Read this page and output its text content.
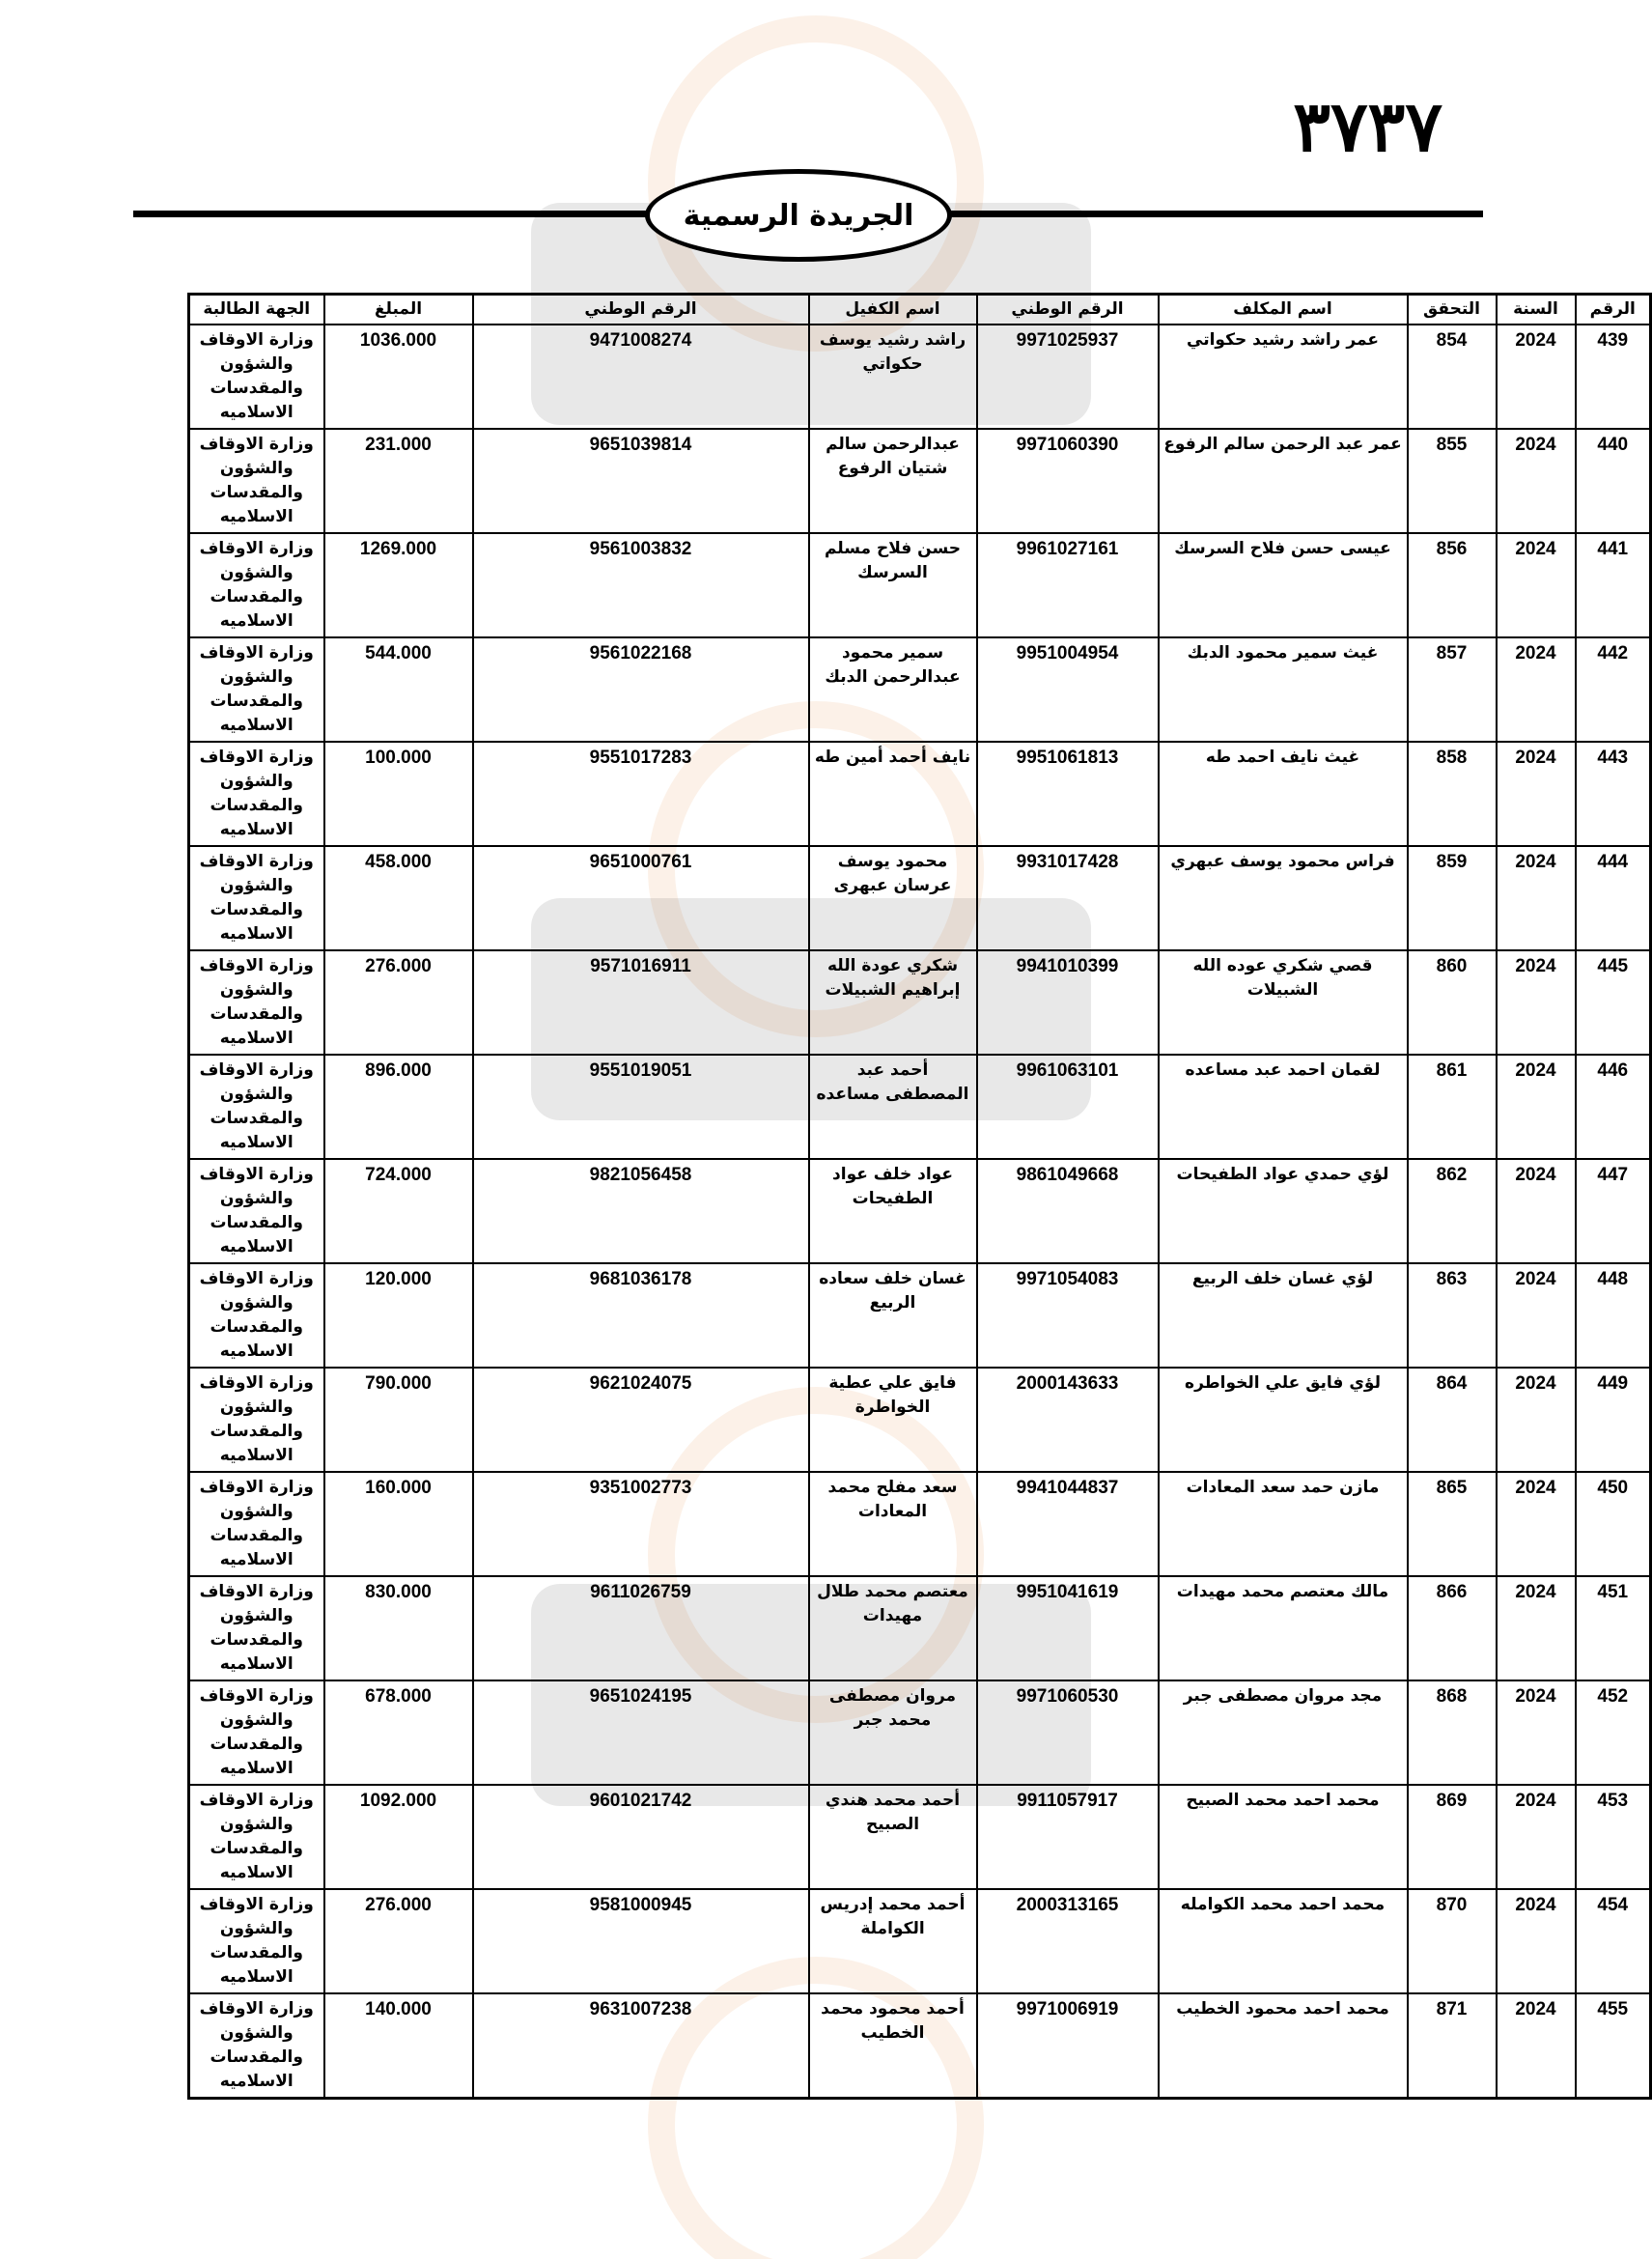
٣٧٣٧
الجريدة الرسمية
الرقم	السنة	التحقق	اسم المكلف	الرقم الوطني	اسم الكفيل	الرقم الوطني	المبلغ	الجهة الطالبة
439	2024	854	عمر راشد رشيد حكواتي	9971025937	راشد رشيد يوسف حكواتي	9471008274	1036.000	وزارة الاوقاف والشؤون والمقدسات الاسلاميه
440	2024	855	عمر عبد الرحمن سالم الرفوع	9971060390	عبدالرحمن سالم شتيان الرفوع	9651039814	231.000	وزارة الاوقاف والشؤون والمقدسات الاسلاميه
441	2024	856	عيسى حسن فلاح السرسك	9961027161	حسن فلاح مسلم السرسك	9561003832	1269.000	وزارة الاوقاف والشؤون والمقدسات الاسلاميه
442	2024	857	غيث سمير محمود الدبك	9951004954	سمير محمود عبدالرحمن الدبك	9561022168	544.000	وزارة الاوقاف والشؤون والمقدسات الاسلاميه
443	2024	858	غيث نايف احمد طه	9951061813	نايف أحمد أمين طه	9551017283	100.000	وزارة الاوقاف والشؤون والمقدسات الاسلاميه
444	2024	859	فراس محمود يوسف عبهري	9931017428	محمود يوسف عرسان عبهرى	9651000761	458.000	وزارة الاوقاف والشؤون والمقدسات الاسلاميه
445	2024	860	قصي شكري عوده الله الشبيلات	9941010399	شكري عودة الله إبراهيم الشبيلات	9571016911	276.000	وزارة الاوقاف والشؤون والمقدسات الاسلاميه
446	2024	861	لقمان احمد عبد مساعده	9961063101	أحمد عبد المصطفى مساعده	9551019051	896.000	وزارة الاوقاف والشؤون والمقدسات الاسلاميه
447	2024	862	لؤي حمدي عواد الطفيحات	9861049668	عواد خلف عواد الطفيحات	9821056458	724.000	وزارة الاوقاف والشؤون والمقدسات الاسلاميه
448	2024	863	لؤي غسان خلف الربيع	9971054083	غسان خلف سعاده الربيع	9681036178	120.000	وزارة الاوقاف والشؤون والمقدسات الاسلاميه
449	2024	864	لؤي فايق علي الخواطره	2000143633	فايق علي عطية الخواطرة	9621024075	790.000	وزارة الاوقاف والشؤون والمقدسات الاسلاميه
450	2024	865	مازن حمد سعد المعادات	9941044837	سعد مفلح محمد المعادات	9351002773	160.000	وزارة الاوقاف والشؤون والمقدسات الاسلاميه
451	2024	866	مالك معتصم محمد مهيدات	9951041619	معتصم محمد طلال مهيدات	9611026759	830.000	وزارة الاوقاف والشؤون والمقدسات الاسلاميه
452	2024	868	مجد مروان مصطفى جبر	9971060530	مروان مصطفى محمد جبر	9651024195	678.000	وزارة الاوقاف والشؤون والمقدسات الاسلاميه
453	2024	869	محمد احمد محمد الصبيح	9911057917	أحمد محمد هندي الصبيح	9601021742	1092.000	وزارة الاوقاف والشؤون والمقدسات الاسلاميه
454	2024	870	محمد احمد محمد الكوامله	2000313165	أحمد محمد إدريس الكواملة	9581000945	276.000	وزارة الاوقاف والشؤون والمقدسات الاسلاميه
455	2024	871	محمد احمد محمود الخطيب	9971006919	أحمد محمود محمد الخطيب	9631007238	140.000	وزارة الاوقاف والشؤون والمقدسات الاسلاميه
